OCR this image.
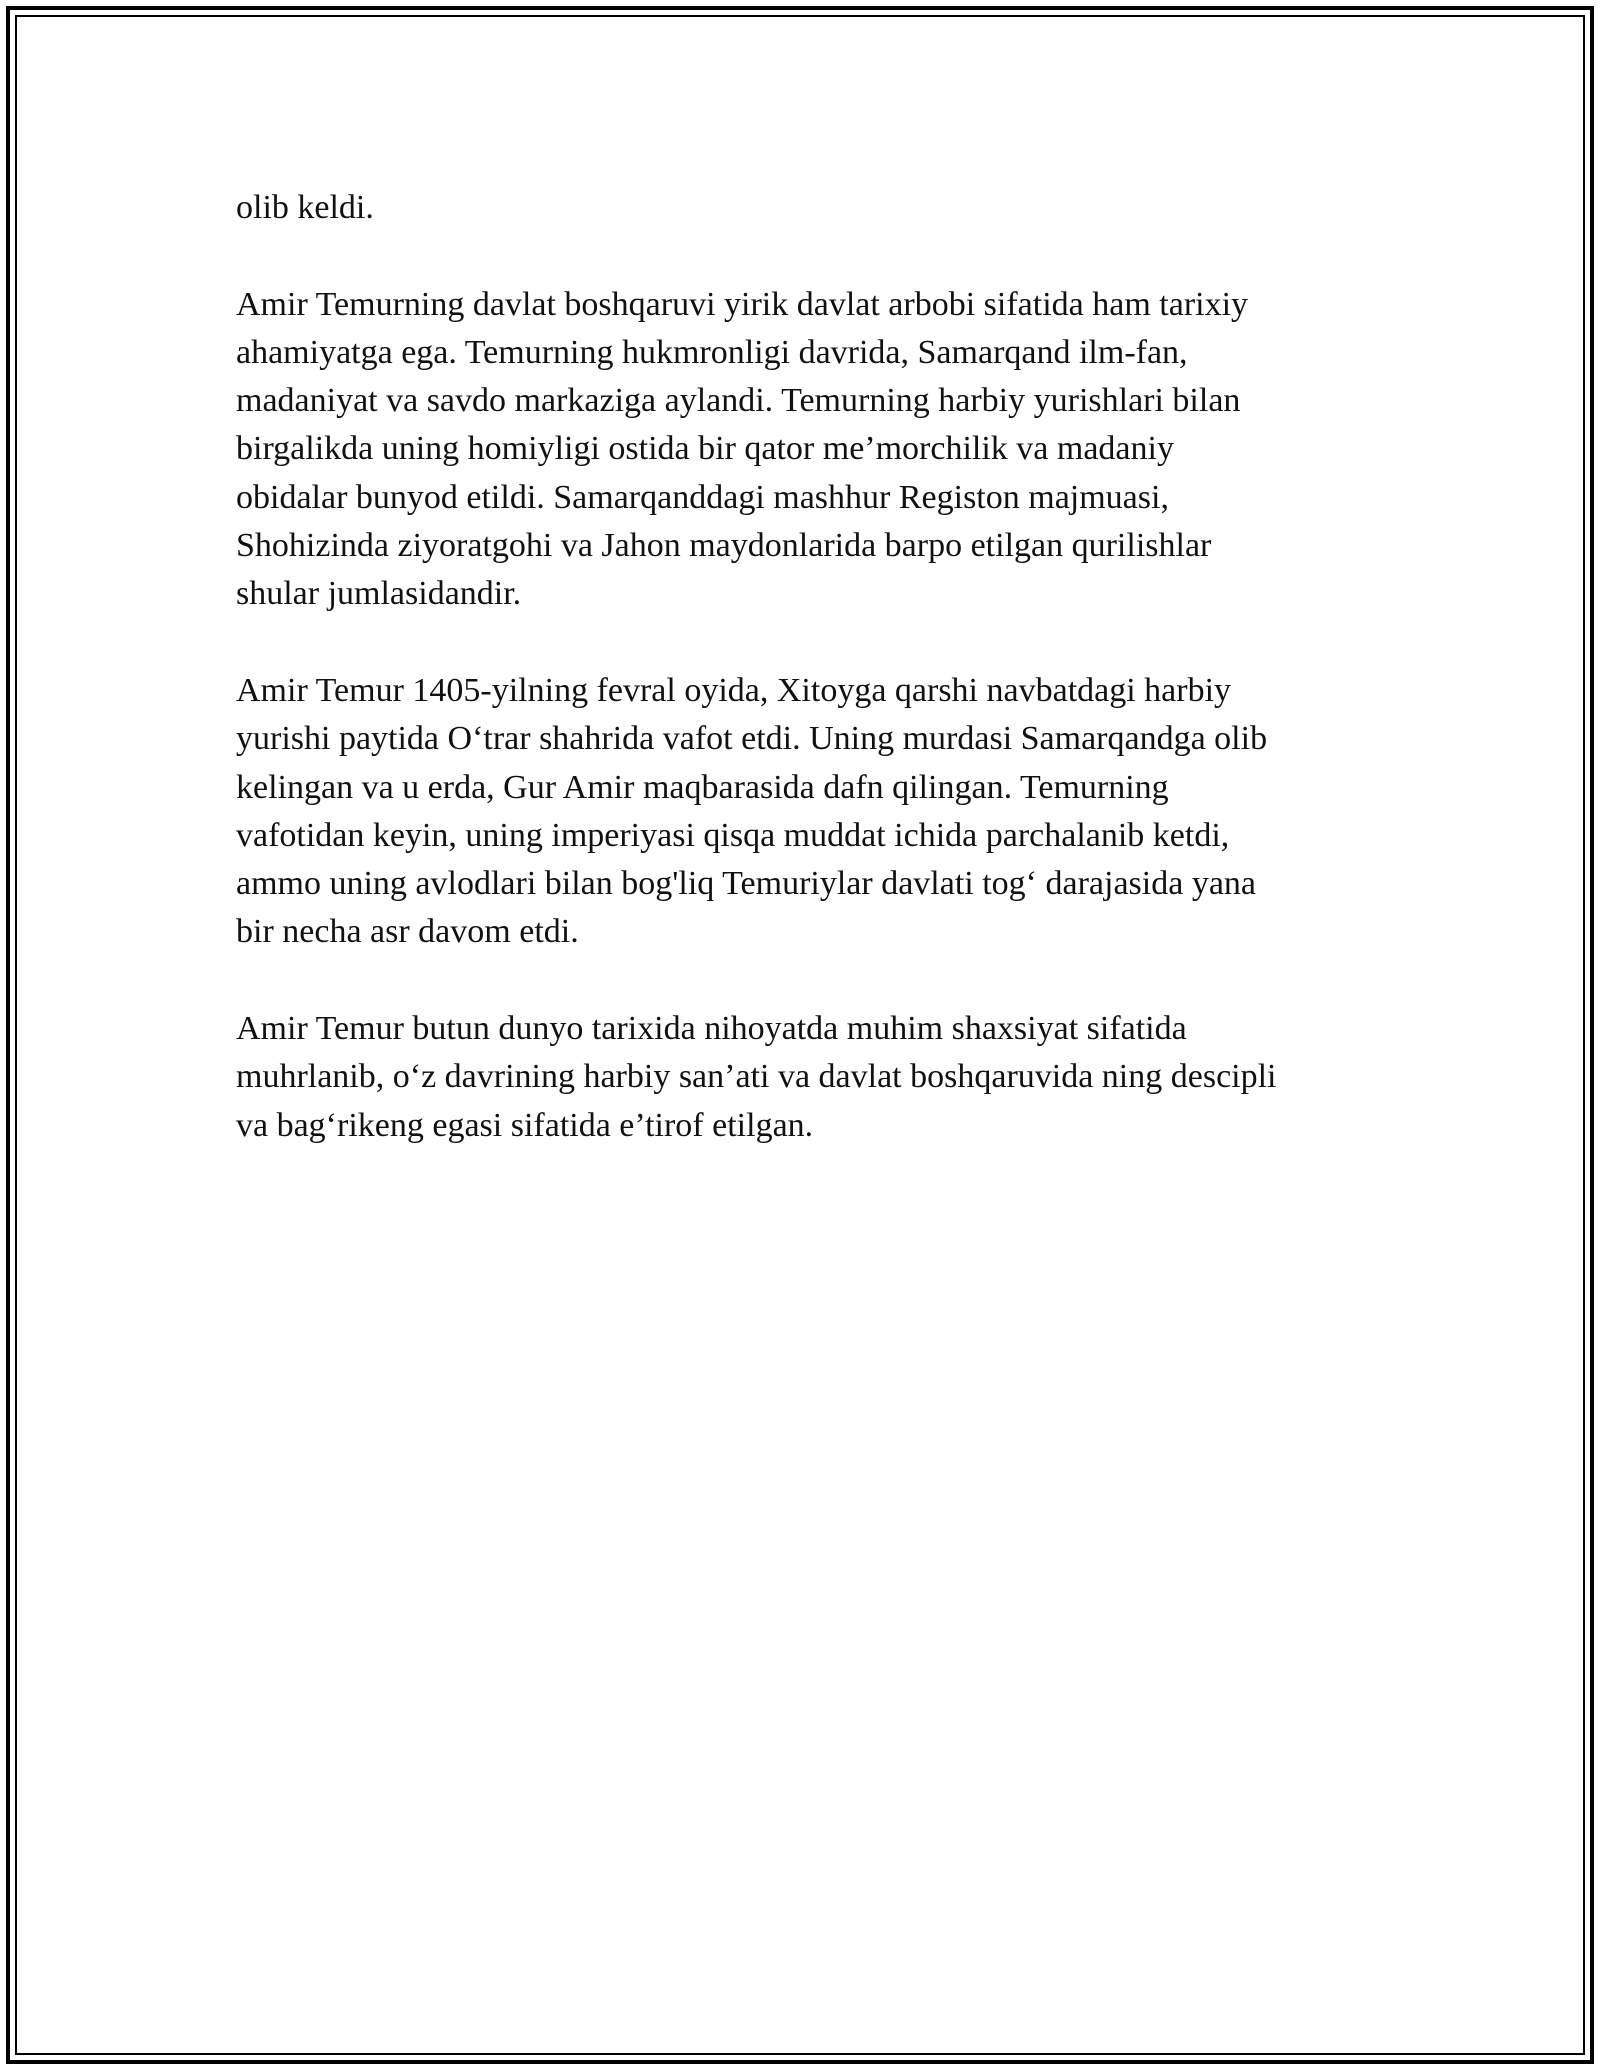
olib keldi.

Amir Temurning davlat boshqaruvi yirik davlat arbobi sifatida ham tarixiy
ahamiyatga ega. Temurning hukmronligi davrida, Samarqand ilm-fan,
madaniyat va savdo markaziga aylandi. Temurning harbiy yurishlari bilan
birgalikda uning homiyligi ostida bir qator me’morchilik va madaniy
obidalar bunyod etildi. Samarqanddagi mashhur Registon majmuasi,
Shohizinda ziyoratgohi va Jahon maydonlarida barpo etilgan qurilishlar
shular jumlasidandir.

Amir Temur 1405-yilning fevral oyida, Xitoyga qarshi navbatdagi harbiy
yurishi paytida O‘trar shahrida vafot etdi. Uning murdasi Samarqandga olib
kelingan va u erda, Gur Amir maqbarasida dafn qilingan. Temurning
vafotidan keyin, uning imperiyasi qisqa muddat ichida parchalanib ketdi,
ammo uning avlodlari bilan bog'liq Temuriylar davlati tog‘ darajasida yana
bir necha asr davom etdi.

Amir Temur butun dunyo tarixida nihoyatda muhim shaxsiyat sifatida
muhrlanib, o‘z davrining harbiy san’ati va davlat boshqaruvida ning descipli
va bag‘rikeng egasi sifatida e’tirof etilgan.
